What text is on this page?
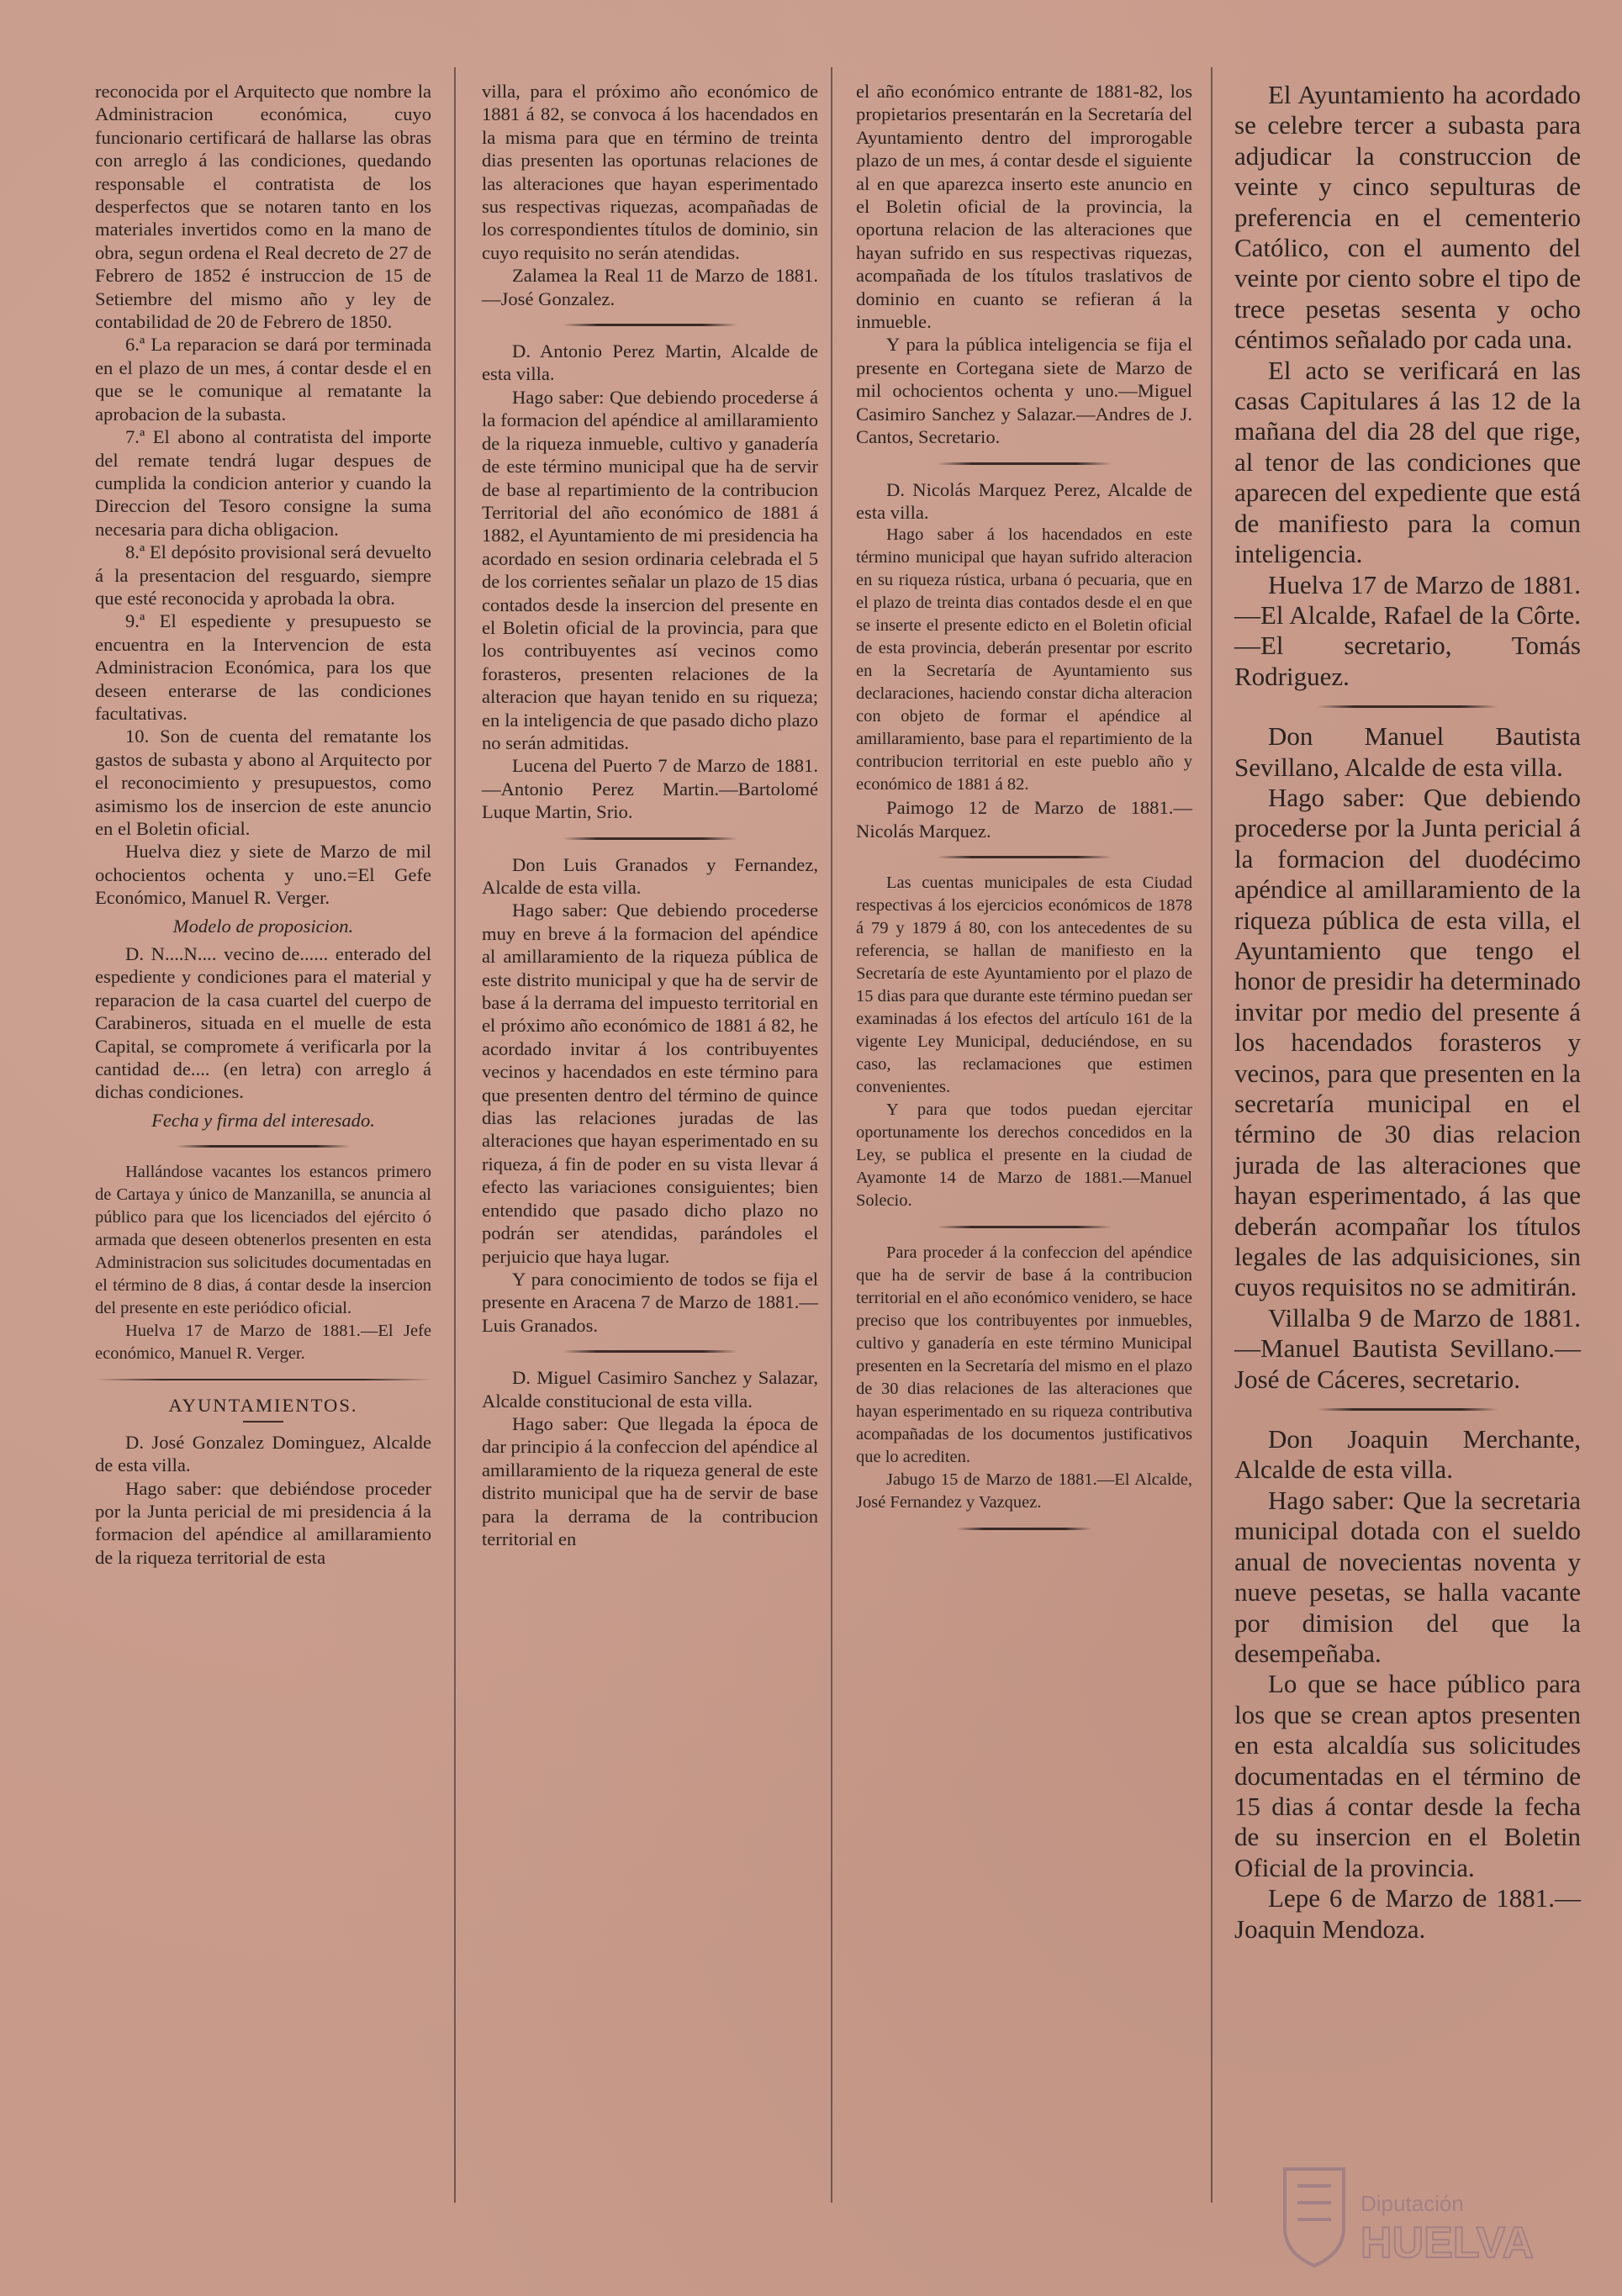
reconocida por el Arquitecto que nombre la Administracion económica, cuyo funcionario certificará de hallarse las obras con arreglo á las condiciones, quedando responsable el contratista de los desperfectos que se notaren tanto en los materiales invertidos como en la mano de obra, segun ordena el Real decreto de 27 de Febrero de 1852 é instruccion de 15 de Setiembre del mismo año y ley de contabilidad de 20 de Febrero de 1850.

6.ª La reparacion se dará por terminada en el plazo de un mes, á contar desde el en que se le comunique al rematante la aprobacion de la subasta.

7.ª El abono al contratista del importe del remate tendrá lugar despues de cumplida la condicion anterior y cuando la Direccion del Tesoro consigne la suma necesaria para dicha obligacion.

8.ª El depósito provisional será devuelto á la presentacion del resguardo, siempre que esté reconocida y aprobada la obra.

9.ª El espediente y presupuesto se encuentra en la Intervencion de esta Administracion Económica, para los que deseen enterarse de las condiciones facultativas.

10. Son de cuenta del rematante los gastos de subasta y abono al Arquitecto por el reconocimiento y presupuestos, como asimismo los de insercion de este anuncio en el Boletin oficial.

Huelva diez y siete de Marzo de mil ochocientos ochenta y uno.=El Gefe Económico, Manuel R. Verger.

Modelo de proposicion.

D. N....N.... vecino de...... enterado del espediente y condiciones para el material y reparacion de la casa cuartel del cuerpo de Carabineros, situada en el muelle de esta Capital, se compromete á verificarla por la cantidad de.... (en letra) con arreglo á dichas condiciones.

Fecha y firma del interesado.

Hallándose vacantes los estancos primero de Cartaya y único de Manzanilla, se anuncia al público para que los licenciados del ejército ó armada que deseen obtenerlos presenten en esta Administracion sus solicitudes documentadas en el término de 8 dias, á contar desde la insercion del presente en este periódico oficial.

Huelva 17 de Marzo de 1881.—El Jefe económico, Manuel R. Verger.

AYUNTAMIENTOS.

D. José Gonzalez Dominguez, Alcalde de esta villa.

Hago saber: que debiéndose proceder por la Junta pericial de mi presidencia á la formacion del apéndice al amillaramiento de la riqueza territorial de esta

villa, para el próximo año económico de 1881 á 82, se convoca á los hacendados en la misma para que en término de treinta dias presenten las oportunas relaciones de las alteraciones que hayan esperimentado sus respectivas riquezas, acompañadas de los correspondientes títulos de dominio, sin cuyo requisito no serán atendidas.

Zalamea la Real 11 de Marzo de 1881.—José Gonzalez.

D. Antonio Perez Martin, Alcalde de esta villa.

Hago saber: Que debiendo procederse á la formacion del apéndice al amillaramiento de la riqueza inmueble, cultivo y ganadería de este término municipal que ha de servir de base al repartimiento de la contribucion Territorial del año económico de 1881 á 1882, el Ayuntamiento de mi presidencia ha acordado en sesion ordinaria celebrada el 5 de los corrientes señalar un plazo de 15 dias contados desde la insercion del presente en el Boletin oficial de la provincia, para que los contribuyentes así vecinos como forasteros, presenten relaciones de la alteracion que hayan tenido en su riqueza; en la inteligencia de que pasado dicho plazo no serán admitidas.

Lucena del Puerto 7 de Marzo de 1881.—Antonio Perez Martin.—Bartolomé Luque Martin, Srio.

Don Luis Granados y Fernandez, Alcalde de esta villa.

Hago saber: Que debiendo procederse muy en breve á la formacion del apéndice al amillaramiento de la riqueza pública de este distrito municipal y que ha de servir de base á la derrama del impuesto territorial en el próximo año económico de 1881 á 82, he acordado invitar á los contribuyentes vecinos y hacendados en este término para que presenten dentro del término de quince dias las relaciones juradas de las alteraciones que hayan esperimentado en su riqueza, á fin de poder en su vista llevar á efecto las variaciones consiguientes; bien entendido que pasado dicho plazo no podrán ser atendidas, parándoles el perjuicio que haya lugar.

Y para conocimiento de todos se fija el presente en Aracena 7 de Marzo de 1881.—Luis Granados.

D. Miguel Casimiro Sanchez y Salazar, Alcalde constitucional de esta villa.

Hago saber: Que llegada la época de dar principio á la confeccion del apéndice al amillaramiento de la riqueza general de este distrito municipal que ha de servir de base para la derrama de la contribucion territorial en

el año económico entrante de 1881-82, los propietarios presentarán en la Secretaría del Ayuntamiento dentro del improrogable plazo de un mes, á contar desde el siguiente al en que aparezca inserto este anuncio en el Boletin oficial de la provincia, la oportuna relacion de las alteraciones que hayan sufrido en sus respectivas riquezas, acompañada de los títulos traslativos de dominio en cuanto se refieran á la inmueble.

Y para la pública inteligencia se fija el presente en Cortegana siete de Marzo de mil ochocientos ochenta y uno.—Miguel Casimiro Sanchez y Salazar.—Andres de J. Cantos, Secretario.

D. Nicolás Marquez Perez, Alcalde de esta villa.

Hago saber á los hacendados en este término municipal que hayan sufrido alteracion en su riqueza rústica, urbana ó pecuaria, que en el plazo de treinta dias contados desde el en que se inserte el presente edicto en el Boletin oficial de esta provincia, deberán presentar por escrito en la Secretaría de Ayuntamiento sus declaraciones, haciendo constar dicha alteracion con objeto de formar el apéndice al amillaramiento, base para el repartimiento de la contribucion territorial en este pueblo año y económico de 1881 á 82.

Paimogo 12 de Marzo de 1881.—Nicolás Marquez.

Las cuentas municipales de esta Ciudad respectivas á los ejercicios económicos de 1878 á 79 y 1879 á 80, con los antecedentes de su referencia, se hallan de manifiesto en la Secretaría de este Ayuntamiento por el plazo de 15 dias para que durante este término puedan ser examinadas á los efectos del artículo 161 de la vigente Ley Municipal, deduciéndose, en su caso, las reclamaciones que estimen convenientes.

Y para que todos puedan ejercitar oportunamente los derechos concedidos en la Ley, se publica el presente en la ciudad de Ayamonte 14 de Marzo de 1881.—Manuel Solecio.

Para proceder á la confeccion del apéndice que ha de servir de base á la contribucion territorial en el año económico venidero, se hace preciso que los contribuyentes por inmuebles, cultivo y ganadería en este término Municipal presenten en la Secretaría del mismo en el plazo de 30 dias relaciones de las alteraciones que hayan esperimentado en su riqueza contributiva acompañadas de los documentos justificativos que lo acrediten.

Jabugo 15 de Marzo de 1881.—El Alcalde, José Fernandez y Vazquez.

El Ayuntamiento ha acordado se celebre tercer a subasta para adjudicar la construccion de veinte y cinco sepulturas de preferencia en el cementerio Católico, con el aumento del veinte por ciento sobre el tipo de trece pesetas sesenta y ocho céntimos señalado por cada una.

El acto se verificará en las casas Capitulares á las 12 de la mañana del dia 28 del que rige, al tenor de las condiciones que aparecen del expediente que está de manifiesto para la comun inteligencia.

Huelva 17 de Marzo de 1881.—El Alcalde, Rafael de la Côrte.—El secretario, Tomás Rodriguez.

Don Manuel Bautista Sevillano, Alcalde de esta villa.

Hago saber: Que debiendo procederse por la Junta pericial á la formacion del duodécimo apéndice al amillaramiento de la riqueza pública de esta villa, el Ayuntamiento que tengo el honor de presidir ha determinado invitar por medio del presente á los hacendados forasteros y vecinos, para que presenten en la secretaría municipal en el término de 30 dias relacion jurada de las alteraciones que hayan esperimentado, á las que deberán acompañar los títulos legales de las adquisiciones, sin cuyos requisitos no se admitirán.

Villalba 9 de Marzo de 1881.—Manuel Bautista Sevillano.—José de Cáceres, secretario.

Don Joaquin Merchante, Alcalde de esta villa.

Hago saber: Que la secretaria municipal dotada con el sueldo anual de novecientas noventa y nueve pesetas, se halla vacante por dimision del que la desempeñaba.

Lo que se hace público para los que se crean aptos presenten en esta alcaldía sus solicitudes documentadas en el término de 15 dias á contar desde la fecha de su insercion en el Boletin Oficial de la provincia.

Lepe 6 de Marzo de 1881.—Joaquin Mendoza.

Diputación
HUELVA
